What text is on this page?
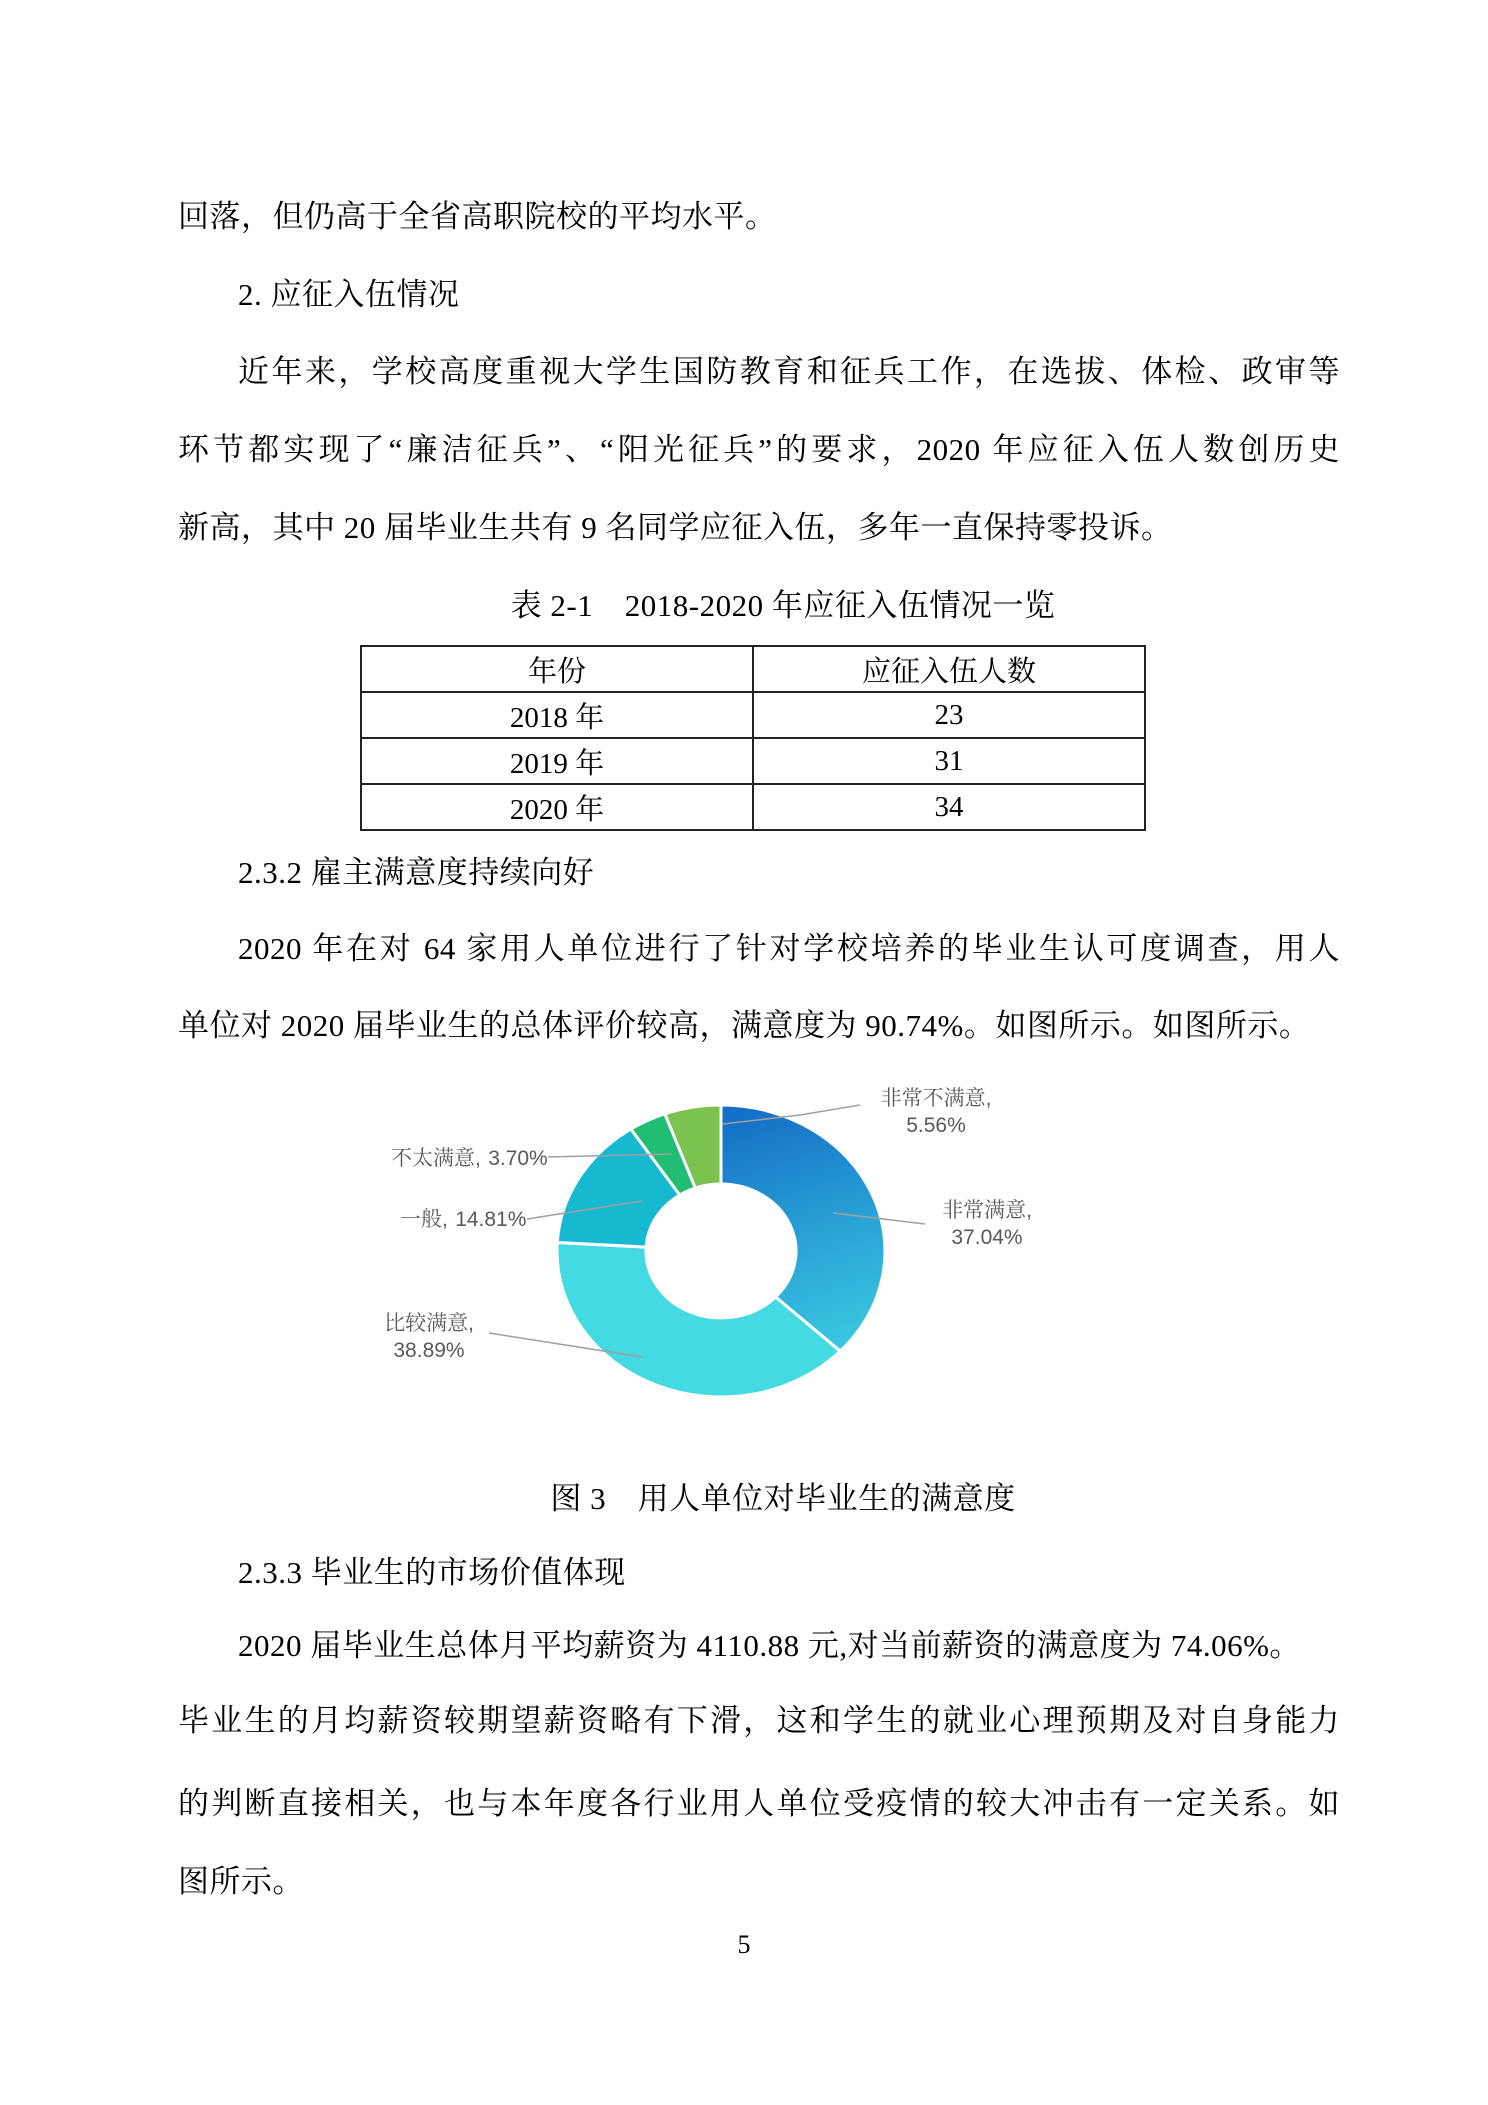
回落，但仍高于全省高职院校的平均水平。
2. 应征入伍情况
近年来，学校高度重视大学生国防教育和征兵工作，在选拔、体检、政审等
环节都实现了“廉洁征兵”、“阳光征兵”的要求，2020 年应征入伍人数创历史
新高，其中 20 届毕业生共有 9 名同学应征入伍，多年一直保持零投诉。
表 2-1　2018-2020 年应征入伍情况一览
年份	应征入伍人数
2018 年	23
2019 年	31
2020 年	34
2.3.2 雇主满意度持续向好
2020 年在对 64 家用人单位进行了针对学校培养的毕业生认可度调查，用人
单位对 2020 届毕业生的总体评价较高，满意度为 90.74%。如图所示。如图所示。
非常不满意,
5.56%
非常满意,
37.04%
不太满意, 3.70%
一般, 14.81%
比较满意,
38.89%
图 3　用人单位对毕业生的满意度
2.3.3 毕业生的市场价值体现
2020 届毕业生总体月平均薪资为 4110.88 元,对当前薪资的满意度为 74.06%。
毕业生的月均薪资较期望薪资略有下滑，这和学生的就业心理预期及对自身能力
的判断直接相关，也与本年度各行业用人单位受疫情的较大冲击有一定关系。如
图所示。
5
